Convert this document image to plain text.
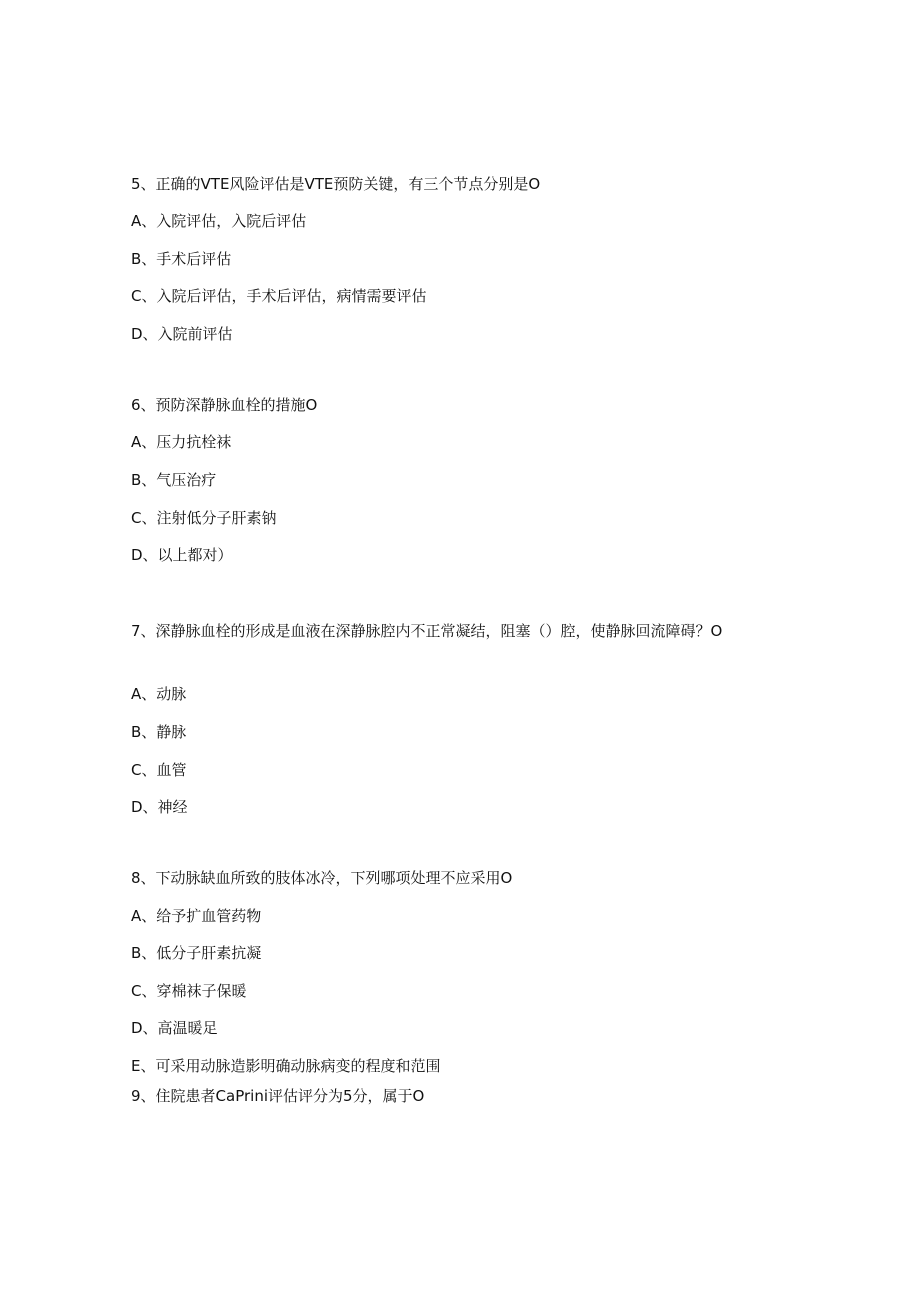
5、正确的VTE风险评估是VTE预防关键，有三个节点分别是O
A、入院评估，入院后评估
B、手术后评估
C、入院后评估，手术后评估，病情需要评估
D、入院前评估
6、预防深静脉血栓的措施O
A、压力抗栓袜
B、气压治疗
C、注射低分子肝素钠
D、以上都对）
7、深静脉血栓的形成是血液在深静脉腔内不正常凝结，阻塞（）腔，使静脉回流障碍？O
A、动脉
B、静脉
C、血管
D、神经
8、下动脉缺血所致的肢体冰冷，下列哪项处理不应采用O
A、给予扩血管药物
B、低分子肝素抗凝
C、穿棉袜子保暖
D、高温暖足
E、可采用动脉造影明确动脉病变的程度和范围
9、住院患者CaPrini评估评分为5分，属于O
